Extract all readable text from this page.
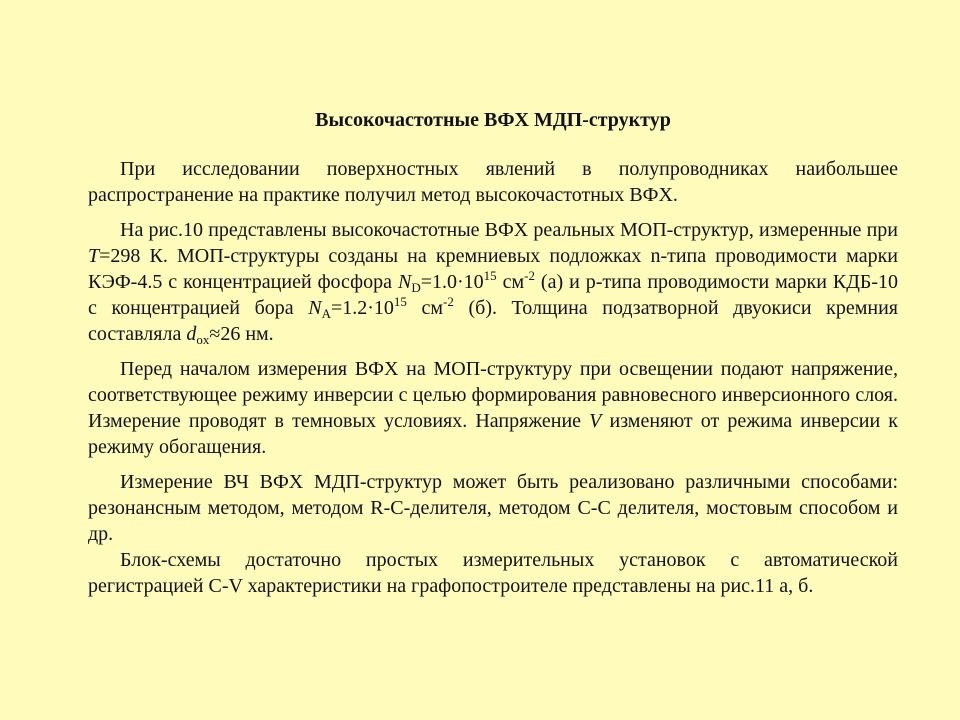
Высокочастотные ВФХ МДП-структур

При исследовании поверхностных явлений в полупроводниках наибольшее распространение на практике получил метод высокочастотных ВФХ.

На рис.10 представлены высокочастотные ВФХ реальных МОП-структур, измеренные при T=298 К. МОП-структуры созданы на кремниевых подложках n-типа проводимости марки КЭФ-4.5 с концентрацией фосфора $N_D=1.0\cdot 10^{15}$ $см^{-2}$ (а) и p-типа проводимости марки КДБ-10 с концентрацией бора $N_A=1.2\cdot 10^{15}$ $см^{-2}$ (б). Толщина подзатворной двуокиси кремния составляла $d_{ox}\approx 26$ нм.

Перед началом измерения ВФХ на МОП-структуру при освещении подают напряжение, соответствующее режиму инверсии с целью формирования равновесного инверсионного слоя. Измерение проводят в темновых условиях. Напряжение V изменяют от режима инверсии к режиму обогащения.

Измерение ВЧ ВФХ МДП-структур может быть реализовано различными способами: резонансным методом, методом R-C-делителя, методом C-C делителя, мостовым способом и др.

Блок-схемы достаточно простых измерительных установок с автоматической регистрацией C-V характеристики на графопостроителе представлены на рис.11 а, б.
